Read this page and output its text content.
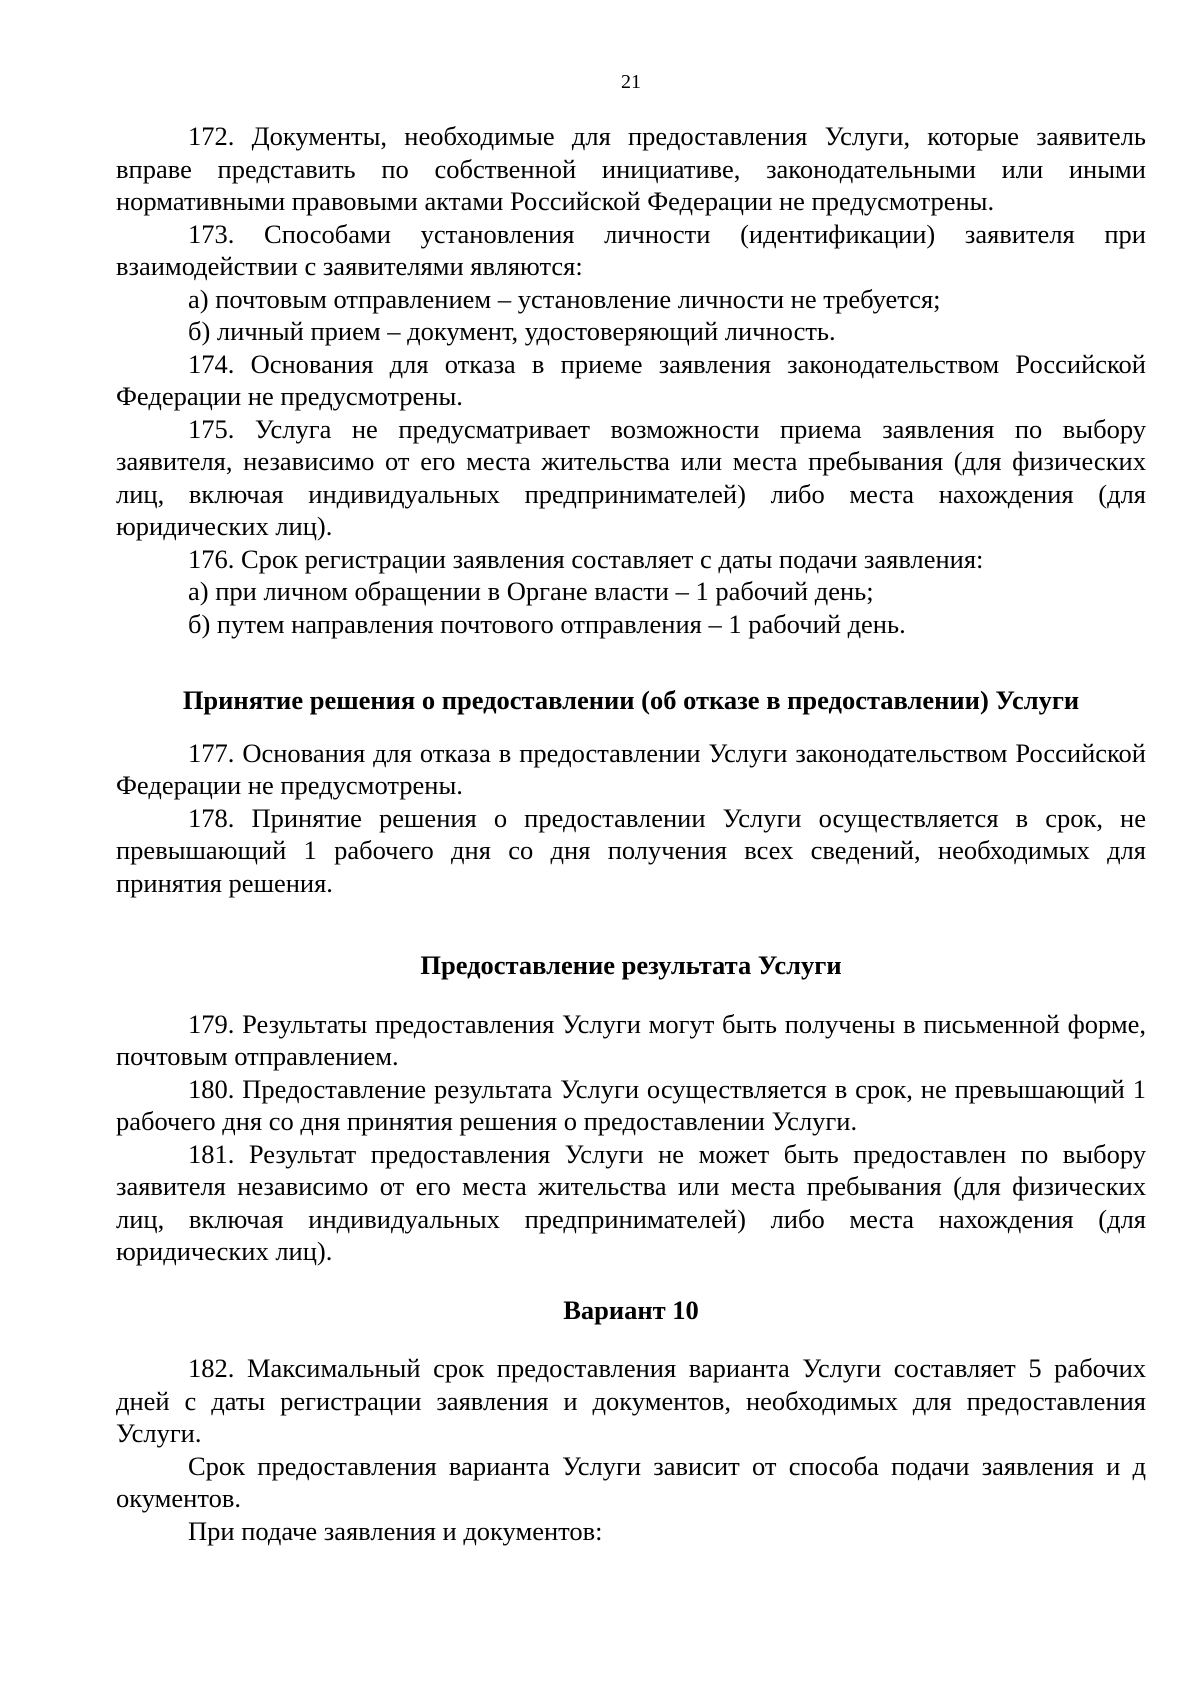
21

172. Документы, необходимые для предоставления Услуги, которые заявитель вправе представить по собственной инициативе, законодательными или иными нормативными правовыми актами Российской Федерации не предусмотрены.

173. Способами установления личности (идентификации) заявителя при взаимодействии с заявителями являются:

а) почтовым отправлением – установление личности не требуется;

б) личный прием – документ, удостоверяющий личность.

174. Основания для отказа в приеме заявления законодательством Российской Федерации не предусмотрены.

175. Услуга не предусматривает возможности приема заявления по выбору заявителя, независимо от его места жительства или места пребывания (для физических лиц, включая индивидуальных предпринимателей) либо места нахождения (для юридических лиц).

176. Срок регистрации заявления составляет с даты подачи заявления:

а) при личном обращении в Органе власти – 1 рабочий день;

б) путем направления почтового отправления – 1 рабочий день.

Принятие решения о предоставлении (об отказе в предоставлении) Услуги

177. Основания для отказа в предоставлении Услуги законодательством Российской Федерации не предусмотрены.

178. Принятие решения о предоставлении Услуги осуществляется в срок, не превышающий 1 рабочего дня со дня получения всех сведений, необходимых для принятия решения.

Предоставление результата Услуги

179. Результаты предоставления Услуги могут быть получены в письменной форме, почтовым отправлением.

180. Предоставление результата Услуги осуществляется в срок, не превышающий 1 рабочего дня со дня принятия решения о предоставлении Услуги.

181. Результат предоставления Услуги не может быть предоставлен по выбору заявителя независимо от его места жительства или места пребывания (для физических лиц, включая индивидуальных предпринимателей) либо места нахождения (для юридических лиц).

Вариант 10

182. Максимальный срок предоставления варианта Услуги составляет 5 рабочих дней с даты регистрации заявления и документов, необходимых для предоставления Услуги.

Срок предоставления варианта Услуги зависит от способа подачи заявления и д окументов.

При подаче заявления и документов:
